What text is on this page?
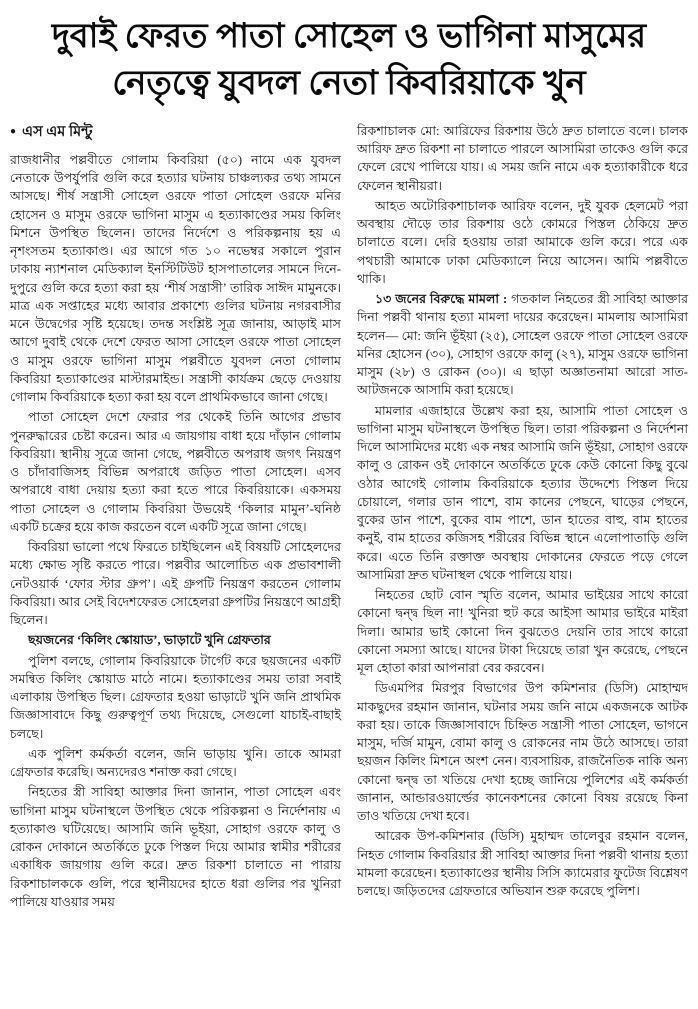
দুবাই ফেরত পাতা সোহেল ও ভাগিনা মাসুমের
নেতৃত্বে যুবদল নেতা কিবরিয়াকে খুন
● এস এম মিন্টু

রাজধানীর পল্লবীতে গোলাম কিবরিয়া (৫০) নামে এক যুবদল নেতাকে উপর্যুপরি গুলি করে হত্যার ঘটনায় চাঞ্চল্যকর তথ্য সামনে আসছে। শীর্ষ সন্ত্রাসী সোহেল ওরফে পাতা সোহেল ওরফে মনির হোসেন ও মাসুম ওরফে ভাগিনা মাসুম এ হত্যাকাণ্ডের সময় কিলিং মিশনে উপস্থিত ছিলেন। তাদের নির্দেশে ও পরিকল্পনায় হয় এ নৃশংসতম হত্যাকাণ্ড। এর আগে গত ১০ নভেম্বর সকালে পুরান ঢাকায় ন্যাশনাল মেডিক্যাল ইনস্টিটিউট হাসপাতালের সামনে দিনে-দুপুরে গুলি করে হত্যা করা হয় ‘শীর্ষ সন্ত্রাসী’ তারিক সাঈদ মামুনকে। মাত্র এক সপ্তাহের মধ্যে আবার প্রকাশ্যে গুলির ঘটনায় নগরবাসীর মনে উদ্বেগের সৃষ্টি হয়েছে। তদন্ত সংশ্লিষ্ট সূত্র জানায়, আড়াই মাস আগে দুবাই থেকে দেশে ফেরত আসা সোহেল ওরফে পাতা সোহেল ও মাসুম ওরফে ভাগিনা মাসুম পল্লবীতে যুবদল নেতা গোলাম কিবরিয়া হত্যাকাণ্ডের মাস্টারমাইন্ড। সন্ত্রাসী কার্যক্রম ছেড়ে দেওয়ায় গোলাম কিবরিয়াকে হত্যা করা হয় বলে প্রাথমিকভাবে জানা গেছে।

পাতা সোহেল দেশে ফেরার পর থেকেই তিনি আগের প্রভাব পুনরুদ্ধারের চেষ্টা করেন। আর এ জায়গায় বাধা হয়ে দাঁড়ান গোলাম কিবরিয়া। স্থানীয় সূত্রে জানা গেছে, পল্লবীতে অপরাধ জগৎ নিয়ন্ত্রণ ও চাঁদাবাজিসহ বিভিন্ন অপরাধে জড়িত পাতা সোহেল। এসব অপরাধে বাধা দেয়ায় হত্যা করা হতে পারে কিবরিয়াকে। একসময় পাতা সোহেল ও গোলাম কিবরিয়া উভয়েই ‘কিলার মামুন’-ঘনিষ্ঠ একটি চক্রের হয়ে কাজ করতেন বলে একটি সূত্রে জানা গেছে।

কিবরিয়া ভালো পথে ফিরতে চাইছিলেন এই বিষয়টি সোহেলদের মধ্যে ক্ষোভ সৃষ্টি করতে পারে। পল্লবীর আলোচিত এক প্রভাবশালী নেটওয়ার্ক ‘ফোর স্টার গ্রুপ’। এই গ্রুপটি নিয়ন্ত্রণ করতেন গোলাম কিবরিয়া। আর সেই বিদেশফেরত সোহেলরা গ্রুপটির নিয়ন্ত্রণে আগ্রহী ছিলেন।

ছয়জনের ‘কিলিং স্কোয়াড’, ভাড়াটে খুনি গ্রেফতার

পুলিশ বলছে, গোলাম কিবরিয়াকে টার্গেট করে ছয়জনের একটি সমন্বিত কিলিং স্কোয়াড মাঠে নামে। হত্যাকাণ্ডের সময় তারা সবাই এলাকায় উপস্থিত ছিল। গ্রেফতার হওয়া ভাড়াটে খুনি জনি প্রাথমিক জিজ্ঞাসাবাদে কিছু গুরুত্বপূর্ণ তথ্য দিয়েছে, সেগুলো যাচাই-বাছাই চলছে।

এক পুলিশ কর্মকর্তা বলেন, জনি ভাড়ায় খুনি। তাকে আমরা গ্রেফতার করেছি। অন্যদেরও শনাক্ত করা গেছে।

নিহতের স্ত্রী সাবিহা আক্তার দিনা জানান, পাতা সোহেল এবং ভাগিনা মাসুম ঘটনাস্থলে উপস্থিত থেকে পরিকল্পনা ও নির্দেশনায় এ হত্যাকাণ্ড ঘটিয়েছে। আসামি জনি ভূইয়া, সোহাগ ওরফে কালু ও রোকন দোকানে অতর্কিতে ঢুকে পিস্তল দিয়ে আমার স্বামীর শরীরের একাধিক জায়গায় গুলি করে। দ্রুত রিকশা চালাতে না পারায় রিকশাচালককে গুলি, পরে স্থানীয়দের হাতে ধরা গুলির পর খুনিরা পালিয়ে যাওয়ার সময়

রিকশাচালক মো: আরিফের রিকশায় উঠে দ্রুত চালাতে বলে। চালক আরিফ দ্রুত রিকশা না চালাতে পারলে আসামিরা তাকেও গুলি করে ফেলে রেখে পালিয়ে যায়। এ সময় জনি নামে এক হত্যাকারীকে ধরে ফেলেন স্থানীয়রা।

আহত অটোরিকশাচালক আরিফ বলেন, দুই যুবক হেলমেট পরা অবস্থায় দৌড়ে তার রিকশায় ওঠে কোমরে পিস্তল ঠেকিয়ে দ্রুত চালাতে বলে। দেরি হওয়ায় তারা আমাকে গুলি করে। পরে এক পথচারী আমাকে ঢাকা মেডিক্যালে নিয়ে আসেন। আমি পল্লবীতে থাকি।

১৩ জনের বিরুদ্ধে মামলা : গতকাল নিহতের স্ত্রী সাবিহা আক্তার দিনা পল্লবী থানায় হত্যা মামলা দায়ের করেছেন। মামলায় আসামিরা হলেন— মো: জনি ভূঁইয়া (২৫), সোহেল ওরফে পাতা সোহেল ওরফে মনির হোসেন (৩০), সোহাগ ওরফে কালু (২৭), মাসুম ওরফে ভাগিনা মাসুম (২৮) ও রোকন (৩০)। এ ছাড়া অজ্ঞাতনামা আরো সাত-আটজনকে আসামি করা হয়েছে।

মামলার এজাহারে উল্লেখ করা হয়, আসামি পাতা সোহেল ও ভাগিনা মাসুম ঘটনাস্থলে উপস্থিত ছিল। তারা পরিকল্পনা ও নির্দেশনা দিলে আসামিদের মধ্যে এক নম্বর আসামি জনি ভূঁইয়া, সোহাগ ওরফে কালু ও রোকন ওই দোকানে অতর্কিতে ঢুকে কেউ কোনো কিছু বুঝে ওঠার আগেই গোলাম কিবরিয়াকে হত্যার উদ্দেশ্যে পিস্তল দিয়ে চোয়ালে, গলার ডান পাশে, বাম কানের পেছনে, ঘাড়ের পেছনে, বুকের ডান পাশে, বুকের বাম পাশে, ডান হাতের বাহু, বাম হাতের কনুই, বাম হাতের কজিসহ শরীরের বিভিন্ন স্থানে এলোপাতাড়ি গুলি করে। এতে তিনি রক্তাক্ত অবস্থায় দোকানের ফেরতে পড়ে গেলে আসামিরা দ্রুত ঘটনাস্থল থেকে পালিয়ে যায়।

নিহতের ছোট বোন স্মৃতি বলেন, আমার ভাইয়ের সাথে কারো কোনো দ্বন্দ্ব ছিল না! খুনিরা হুট করে আইসা আমার ভাইরে মাইরা দিলা। আমার ভাই কোনো দিন বুঝতেও দেয়নি তার সাথে কারো কোনো সমস্যা আছে। যাদের টাকা দিয়েছে তারা খুন করেছে, পেছনে মূল হোতা কারা আপনারা বের করবেন।

ডিএমপির মিরপুর বিভাগের উপ কমিশনার (ডিসি) মোহাম্মদ মাকছুদের রহমান জানান, ঘটনার সময় জনি নামে একজনকে আটক করা হয়। তাকে জিজ্ঞাসাবাদে চিহ্নিত সন্ত্রাসী পাতা সোহেল, ভাগনে মাসুম, দর্জি মামুন, বোমা কালু ও রোকনের নাম উঠে আসছে। তারা ছয়জন কিলিং মিশনে অংশ নেন। ব্যবসায়িক, রাজনৈতিক নাকি অন্য কোনো দ্বন্দ্ব তা খতিয়ে দেখা হচ্ছে জানিয়ে পুলিশের এই কর্মকর্তা জানান, আন্ডারওয়ার্ল্ডের কানেকশনের কোনো বিষয় রয়েছে কিনা তাও খতিয়ে দেখা হবে।

আরেক উপ-কমিশনার (ডিসি) মুহাম্মদ তালেবুর রহমান বলেন, নিহত গোলাম কিবরিয়ার স্ত্রী সাবিহা আক্তার দিনা পল্লবী থানায় হত্যা মামলা করেছেন। হত্যাকাণ্ডের স্থানীয় সিসি ক্যামেরার ফুটেজ বিশ্লেষণ চলছে। জড়িতদের গ্রেফতারে অভিযান শুরু করেছে পুলিশ।
